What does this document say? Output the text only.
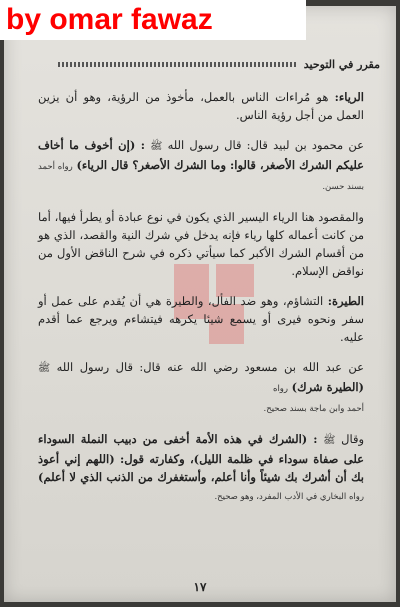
مقرر في التوحيد

الرياء: هو مُراءات الناس بالعمل، مأخوذ من الرؤية، وهو أن يزين العمل من أجل رؤية الناس.

عن محمود بن لبيد قال: قال رسول الله ﷺ : (إن أخوف ما أخاف عليكم الشرك الأصغر، قالوا: وما الشرك الأصغر؟ قال الرياء) رواه أحمد بسند حسن.

والمقصود هنا الرياء اليسير الذي يكون في نوع عبادة أو يطرأ فيها، أما من كانت أعماله كلها رياء فإنه يدخل في شرك النية والقصد، الذي هو من أقسام الشرك الأكبر كما سيأتي ذكره في شرح الناقض الأول من نواقض الإسلام.

الطيرة: التشاؤم، وهو ضد الفأل، والطيرة هي أن يُقدم على عمل أو سفر ونحوه فيرى أو يسمع شيئا يكرهه فيتشاءم ويرجع عما أقدم عليه.

عن عبد الله بن مسعود رضي الله عنه قال: قال رسول الله ﷺ (الطيرة شرك) رواه
أحمد وابن ماجة بسند صحيح.

وقال ﷺ : (الشرك في هذه الأمة أخفى من دبيب النملة السوداء على صفاة سوداء في ظلمة الليل)، وكفارته قول: (اللهم إني أعوذ بك أن أشرك بك شيئاً وأنا أعلم، وأستغفرك من الذنب الذي لا أعلم) رواه البخاري في الأدب المفرد، وهو صحيح.

١٧
by omar fawaz
